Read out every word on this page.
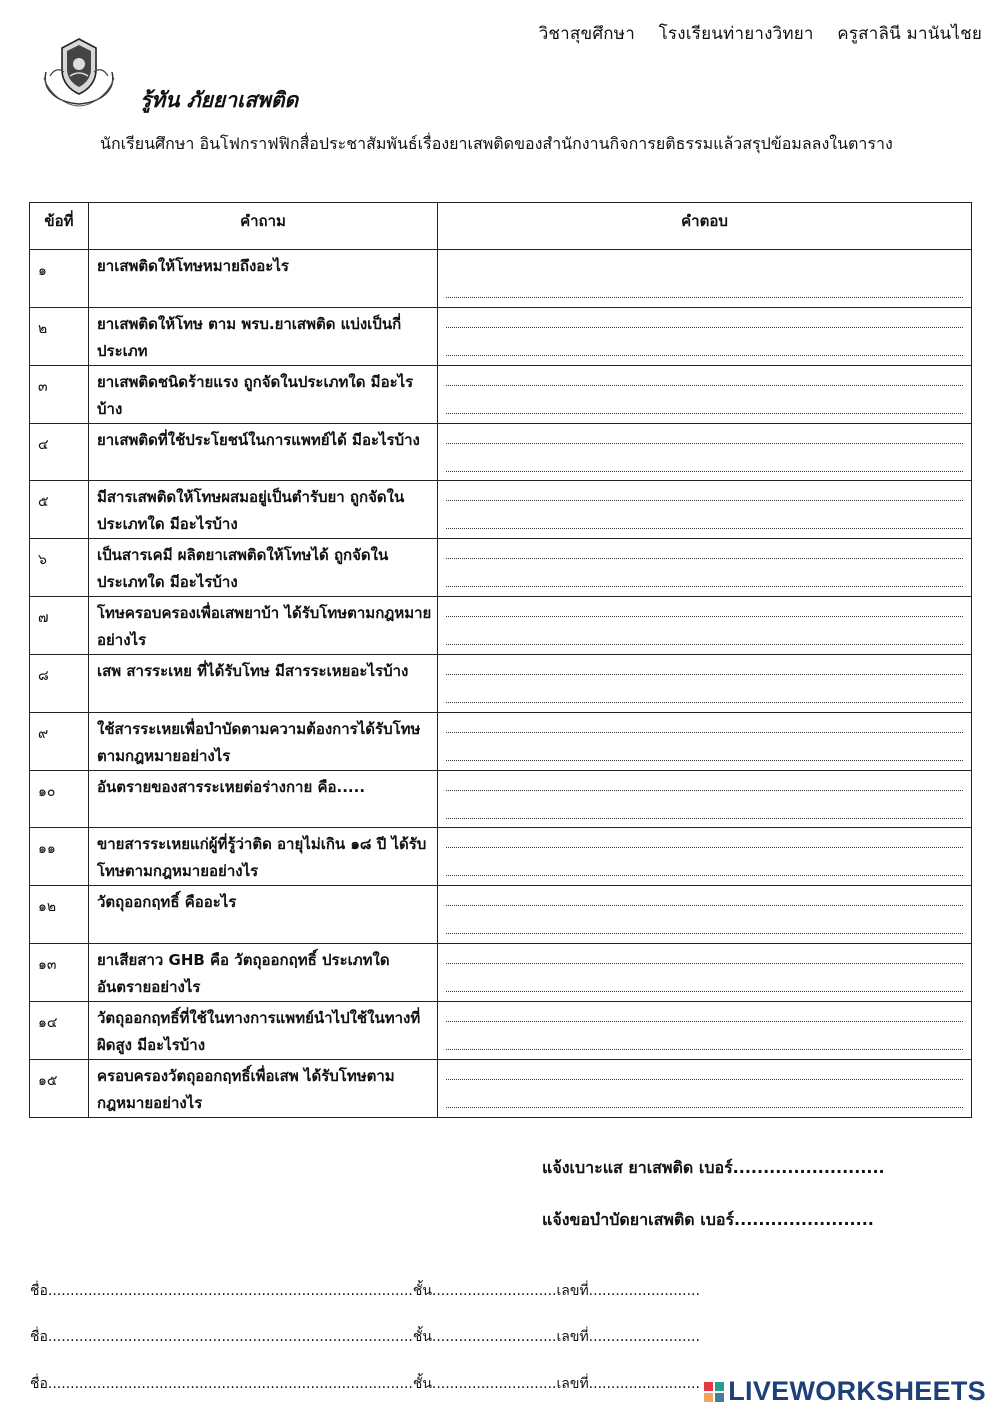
วิชาสุขศึกษา โรงเรียนท่ายางวิทยา ครูสาลินี มานันไชย
รู้ทัน ภัยยาเสพติด
นักเรียนศึกษา อินโฟกราฟฟิกสื่อประชาสัมพันธ์เรื่องยาเสพติดของสำนักงานกิจการยติธรรมแล้วสรุปข้อมลลงในตาราง
ข้อที่	คำถาม	คำตอบ
๑	ยาเสพติดให้โทษหมายถึงอะไร	

๒	ยาเสพติดให้โทษ ตาม พรบ.ยาเสพติด แบ่งเป็นกี่ประเภท	

๓	ยาเสพติดชนิดร้ายแรง ถูกจัดในประเภทใด มีอะไรบ้าง	

๔	ยาเสพติดที่ใช้ประโยชน์ในการแพทย์ได้ มีอะไรบ้าง	

๕	มีสารเสพติดให้โทษผสมอยู่เป็นตำรับยา ถูกจัดในประเภทใด มีอะไรบ้าง	

๖	เป็นสารเคมี ผลิตยาเสพติดให้โทษได้ ถูกจัดในประเภทใด มีอะไรบ้าง	

๗	โทษครอบครองเพื่อเสพยาบ้า ได้รับโทษตามกฎหมายอย่างไร	

๘	เสพ สารระเหย ที่ได้รับโทษ มีสารระเหยอะไรบ้าง	

๙	ใช้สารระเหยเพื่อบำบัดตามความต้องการได้รับโทษตามกฎหมายอย่างไร	

๑๐	อันตรายของสารระเหยต่อร่างกาย คือ.....	

๑๑	ขายสารระเหยแก่ผู้ที่รู้ว่าติด อายุไม่เกิน ๑๘ ปี ได้รับโทษตามกฎหมายอย่างไร	

๑๒	วัตถุออกฤทธิ์ คืออะไร	

๑๓	ยาเสียสาว GHB คือ วัตถุออกฤทธิ์ ประเภทใด อันตรายอย่างไร	

๑๔	วัตถุออกฤทธิ์ที่ใช้ในทางการแพทย์นำไปใช้ในทางที่ผิดสูง มีอะไรบ้าง	

๑๕	ครอบครองวัตถุออกฤทธิ์เพื่อเสพ ได้รับโทษตามกฎหมายอย่างไร	
แจ้งเบาะแส ยาเสพติด เบอร์.........................
แจ้งขอบำบัดยาเสพติด เบอร์.......................
ชื่อ..................................................................................ชั้น............................เลขที่.........................
ชื่อ..................................................................................ชั้น............................เลขที่.........................
ชื่อ..................................................................................ชั้น............................เลขที่......................... LIVEWORKSHEETS
